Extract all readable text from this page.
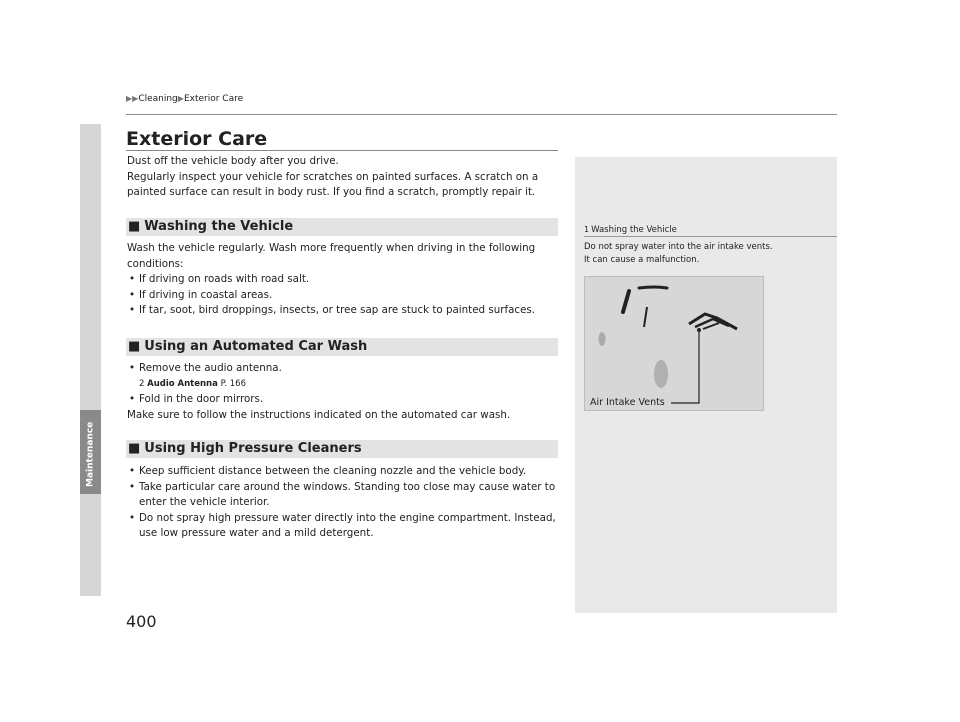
▶▶Cleaning▶Exterior Care
Maintenance
400
Exterior Care
Dust off the vehicle body after you drive.
Regularly inspect your vehicle for scratches on painted surfaces. A scratch on a painted surface can result in body rust. If you find a scratch, promptly repair it.
■ Washing the Vehicle
Wash the vehicle regularly. Wash more frequently when driving in the following conditions:
• If driving on roads with road salt.
• If driving in coastal areas.
• If tar, soot, bird droppings, insects, or tree sap are stuck to painted surfaces.
■ Using an Automated Car Wash
• Remove the audio antenna.
2 Audio Antenna P. 166
• Fold in the door mirrors.
Make sure to follow the instructions indicated on the automated car wash.
■ Using High Pressure Cleaners
• Keep sufficient distance between the cleaning nozzle and the vehicle body.
• Take particular care around the windows. Standing too close may cause water to enter the vehicle interior.
• Do not spray high pressure water directly into the engine compartment. Instead, use low pressure water and a mild detergent.
1 Washing the Vehicle
Do not spray water into the air intake vents.
It can cause a malfunction.
Air Intake Vents
